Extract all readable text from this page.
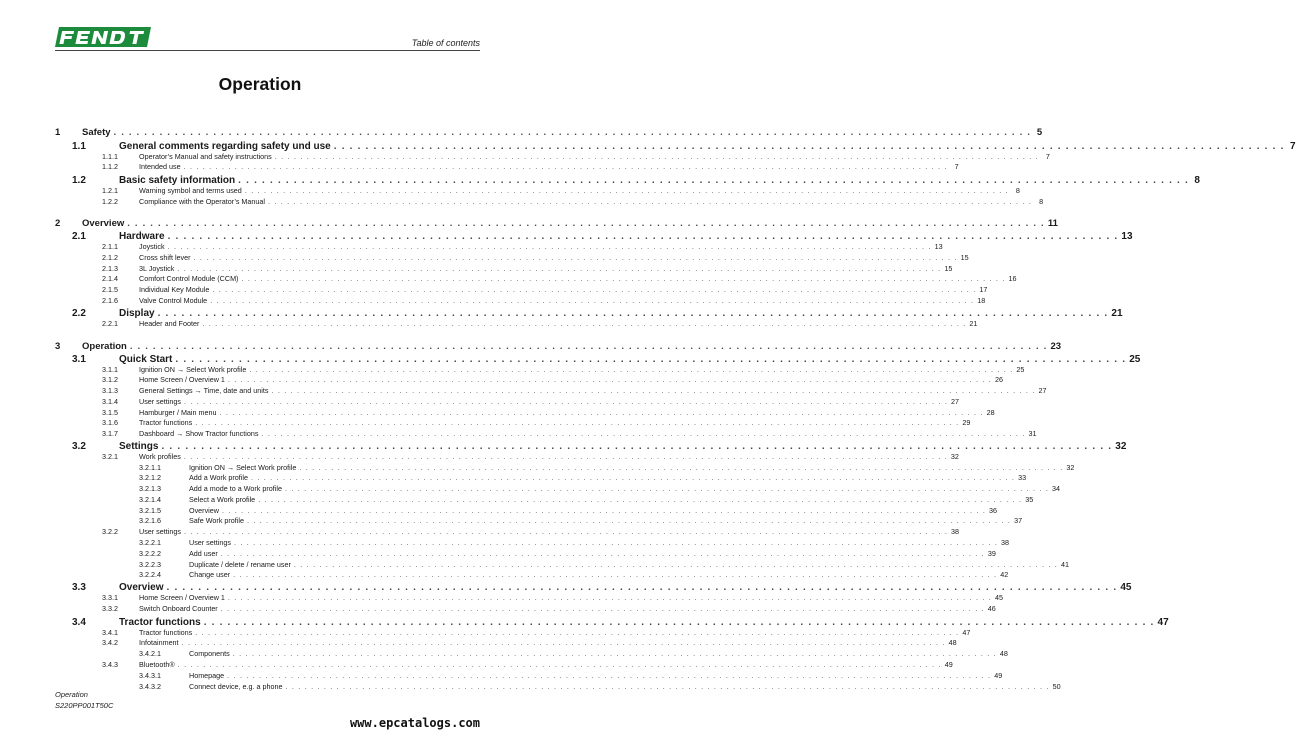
Table of contents
Operation
1	Safety . . . . . . . . . . . . . . . . . . . . . . . . . . . . . . . . . . . . . . . . . . . . . . . . . . . . . . . . . . . . . . . . . . . . . . . . . . . . . . . . . . . . . . . . . . . . . . . . . . . . . . . . . . . . . . . . . . . . . . . . 5
1.1	General comments regarding safety und use . . . . . . . . . . . . . . . . . . . . . . . . . . . . . . . . . . . . . . . . . . . . . . . . . . . . . . . . . . . . . . . . . . . . . . . . . . . . . . . . . . . . . . . . . . . . . . . . . . . . . . . . . . . . . . . . . . . . . . . . 7
1.1.1	Operator’s Manual and safety instructions . . . . . . . . . . . . . . . . . . . . . . . . . . . . . . . . . . . . . . . . . . . . . . . . . . . . . . . . . . . . . . . . . . . . . . . . . . . . . . . . . . . . . . . . . . . . . . . . . . . . . . . . . . . . . . . . . . . . . . . . 7
1.1.2	Intended use . . . . . . . . . . . . . . . . . . . . . . . . . . . . . . . . . . . . . . . . . . . . . . . . . . . . . . . . . . . . . . . . . . . . . . . . . . . . . . . . . . . . . . . . . . . . . . . . . . . . . . . . . . . . . . . . . . . . . . . . 7
1.2	Basic safety information . . . . . . . . . . . . . . . . . . . . . . . . . . . . . . . . . . . . . . . . . . . . . . . . . . . . . . . . . . . . . . . . . . . . . . . . . . . . . . . . . . . . . . . . . . . . . . . . . . . . . . . . . . . . . . . . . . . . . . . . 8
1.2.1	Warning symbol and terms used . . . . . . . . . . . . . . . . . . . . . . . . . . . . . . . . . . . . . . . . . . . . . . . . . . . . . . . . . . . . . . . . . . . . . . . . . . . . . . . . . . . . . . . . . . . . . . . . . . . . . . . . . . . . . . . . . . . . . . . . 8
1.2.2	Compliance with the Operator’s Manual . . . . . . . . . . . . . . . . . . . . . . . . . . . . . . . . . . . . . . . . . . . . . . . . . . . . . . . . . . . . . . . . . . . . . . . . . . . . . . . . . . . . . . . . . . . . . . . . . . . . . . . . . . . . . . . . . . . . . . . . 8
2	Overview . . . . . . . . . . . . . . . . . . . . . . . . . . . . . . . . . . . . . . . . . . . . . . . . . . . . . . . . . . . . . . . . . . . . . . . . . . . . . . . . . . . . . . . . . . . . . . . . . . . . . . . . . . . . . . . . . . . . . . . . 11
2.1	Hardware . . . . . . . . . . . . . . . . . . . . . . . . . . . . . . . . . . . . . . . . . . . . . . . . . . . . . . . . . . . . . . . . . . . . . . . . . . . . . . . . . . . . . . . . . . . . . . . . . . . . . . . . . . . . . . . . . . . . . . . . 13
2.1.1	Joystick . . . . . . . . . . . . . . . . . . . . . . . . . . . . . . . . . . . . . . . . . . . . . . . . . . . . . . . . . . . . . . . . . . . . . . . . . . . . . . . . . . . . . . . . . . . . . . . . . . . . . . . . . . . . . . . . . . . . . . . . 13
2.1.2	Cross shift lever . . . . . . . . . . . . . . . . . . . . . . . . . . . . . . . . . . . . . . . . . . . . . . . . . . . . . . . . . . . . . . . . . . . . . . . . . . . . . . . . . . . . . . . . . . . . . . . . . . . . . . . . . . . . . . . . . . . . . . . . 15
2.1.3	3L Joystick . . . . . . . . . . . . . . . . . . . . . . . . . . . . . . . . . . . . . . . . . . . . . . . . . . . . . . . . . . . . . . . . . . . . . . . . . . . . . . . . . . . . . . . . . . . . . . . . . . . . . . . . . . . . . . . . . . . . . . . . 15
2.1.4	Comfort Control Module (CCM) . . . . . . . . . . . . . . . . . . . . . . . . . . . . . . . . . . . . . . . . . . . . . . . . . . . . . . . . . . . . . . . . . . . . . . . . . . . . . . . . . . . . . . . . . . . . . . . . . . . . . . . . . . . . . . . . . . . . . . . . 16
2.1.5	Individual Key Module . . . . . . . . . . . . . . . . . . . . . . . . . . . . . . . . . . . . . . . . . . . . . . . . . . . . . . . . . . . . . . . . . . . . . . . . . . . . . . . . . . . . . . . . . . . . . . . . . . . . . . . . . . . . . . . . . . . . . . . . 17
2.1.6	Valve Control Module . . . . . . . . . . . . . . . . . . . . . . . . . . . . . . . . . . . . . . . . . . . . . . . . . . . . . . . . . . . . . . . . . . . . . . . . . . . . . . . . . . . . . . . . . . . . . . . . . . . . . . . . . . . . . . . . . . . . . . . . 18
2.2	Display . . . . . . . . . . . . . . . . . . . . . . . . . . . . . . . . . . . . . . . . . . . . . . . . . . . . . . . . . . . . . . . . . . . . . . . . . . . . . . . . . . . . . . . . . . . . . . . . . . . . . . . . . . . . . . . . . . . . . . . . 21
2.2.1	Header and Footer . . . . . . . . . . . . . . . . . . . . . . . . . . . . . . . . . . . . . . . . . . . . . . . . . . . . . . . . . . . . . . . . . . . . . . . . . . . . . . . . . . . . . . . . . . . . . . . . . . . . . . . . . . . . . . . . . . . . . . . . 21
3	Operation . . . . . . . . . . . . . . . . . . . . . . . . . . . . . . . . . . . . . . . . . . . . . . . . . . . . . . . . . . . . . . . . . . . . . . . . . . . . . . . . . . . . . . . . . . . . . . . . . . . . . . . . . . . . . . . . . . . . . . . . 23
3.1	Quick Start . . . . . . . . . . . . . . . . . . . . . . . . . . . . . . . . . . . . . . . . . . . . . . . . . . . . . . . . . . . . . . . . . . . . . . . . . . . . . . . . . . . . . . . . . . . . . . . . . . . . . . . . . . . . . . . . . . . . . . . . 25
3.1.1	Ignition ON → Select Work profile . . . . . . . . . . . . . . . . . . . . . . . . . . . . . . . . . . . . . . . . . . . . . . . . . . . . . . . . . . . . . . . . . . . . . . . . . . . . . . . . . . . . . . . . . . . . . . . . . . . . . . . . . . . . . . . . . . . . . . . . 25
3.1.2	Home Screen / Overview 1 . . . . . . . . . . . . . . . . . . . . . . . . . . . . . . . . . . . . . . . . . . . . . . . . . . . . . . . . . . . . . . . . . . . . . . . . . . . . . . . . . . . . . . . . . . . . . . . . . . . . . . . . . . . . . . . . . . . . . . . . 26
3.1.3	General Settings → Time, date and units . . . . . . . . . . . . . . . . . . . . . . . . . . . . . . . . . . . . . . . . . . . . . . . . . . . . . . . . . . . . . . . . . . . . . . . . . . . . . . . . . . . . . . . . . . . . . . . . . . . . . . . . . . . . . . . . . . . . . . . . 27
3.1.4	User settings . . . . . . . . . . . . . . . . . . . . . . . . . . . . . . . . . . . . . . . . . . . . . . . . . . . . . . . . . . . . . . . . . . . . . . . . . . . . . . . . . . . . . . . . . . . . . . . . . . . . . . . . . . . . . . . . . . . . . . . . 27
3.1.5	Hamburger / Main menu . . . . . . . . . . . . . . . . . . . . . . . . . . . . . . . . . . . . . . . . . . . . . . . . . . . . . . . . . . . . . . . . . . . . . . . . . . . . . . . . . . . . . . . . . . . . . . . . . . . . . . . . . . . . . . . . . . . . . . . . 28
3.1.6	Tractor functions . . . . . . . . . . . . . . . . . . . . . . . . . . . . . . . . . . . . . . . . . . . . . . . . . . . . . . . . . . . . . . . . . . . . . . . . . . . . . . . . . . . . . . . . . . . . . . . . . . . . . . . . . . . . . . . . . . . . . . . . 29
3.1.7	Dashboard → Show Tractor functions . . . . . . . . . . . . . . . . . . . . . . . . . . . . . . . . . . . . . . . . . . . . . . . . . . . . . . . . . . . . . . . . . . . . . . . . . . . . . . . . . . . . . . . . . . . . . . . . . . . . . . . . . . . . . . . . . . . . . . . . 31
3.2	Settings . . . . . . . . . . . . . . . . . . . . . . . . . . . . . . . . . . . . . . . . . . . . . . . . . . . . . . . . . . . . . . . . . . . . . . . . . . . . . . . . . . . . . . . . . . . . . . . . . . . . . . . . . . . . . . . . . . . . . . . . 32
3.2.1	Work profiles . . . . . . . . . . . . . . . . . . . . . . . . . . . . . . . . . . . . . . . . . . . . . . . . . . . . . . . . . . . . . . . . . . . . . . . . . . . . . . . . . . . . . . . . . . . . . . . . . . . . . . . . . . . . . . . . . . . . . . . . 32
3.2.1.1	Ignition ON → Select Work profile . . . . . . . . . . . . . . . . . . . . . . . . . . . . . . . . . . . . . . . . . . . . . . . . . . . . . . . . . . . . . . . . . . . . . . . . . . . . . . . . . . . . . . . . . . . . . . . . . . . . . . . . . . . . . . . . . . . . . . . . 32
3.2.1.2	Add a Work profile . . . . . . . . . . . . . . . . . . . . . . . . . . . . . . . . . . . . . . . . . . . . . . . . . . . . . . . . . . . . . . . . . . . . . . . . . . . . . . . . . . . . . . . . . . . . . . . . . . . . . . . . . . . . . . . . . . . . . . . . 33
3.2.1.3	Add a mode to a Work profile . . . . . . . . . . . . . . . . . . . . . . . . . . . . . . . . . . . . . . . . . . . . . . . . . . . . . . . . . . . . . . . . . . . . . . . . . . . . . . . . . . . . . . . . . . . . . . . . . . . . . . . . . . . . . . . . . . . . . . . . 34
3.2.1.4	Select a Work profile . . . . . . . . . . . . . . . . . . . . . . . . . . . . . . . . . . . . . . . . . . . . . . . . . . . . . . . . . . . . . . . . . . . . . . . . . . . . . . . . . . . . . . . . . . . . . . . . . . . . . . . . . . . . . . . . . . . . . . . . 35
3.2.1.5	Overview . . . . . . . . . . . . . . . . . . . . . . . . . . . . . . . . . . . . . . . . . . . . . . . . . . . . . . . . . . . . . . . . . . . . . . . . . . . . . . . . . . . . . . . . . . . . . . . . . . . . . . . . . . . . . . . . . . . . . . . . 36
3.2.1.6	Safe Work profile . . . . . . . . . . . . . . . . . . . . . . . . . . . . . . . . . . . . . . . . . . . . . . . . . . . . . . . . . . . . . . . . . . . . . . . . . . . . . . . . . . . . . . . . . . . . . . . . . . . . . . . . . . . . . . . . . . . . . . . . 37
3.2.2	User settings . . . . . . . . . . . . . . . . . . . . . . . . . . . . . . . . . . . . . . . . . . . . . . . . . . . . . . . . . . . . . . . . . . . . . . . . . . . . . . . . . . . . . . . . . . . . . . . . . . . . . . . . . . . . . . . . . . . . . . . . 38
3.2.2.1	User settings . . . . . . . . . . . . . . . . . . . . . . . . . . . . . . . . . . . . . . . . . . . . . . . . . . . . . . . . . . . . . . . . . . . . . . . . . . . . . . . . . . . . . . . . . . . . . . . . . . . . . . . . . . . . . . . . . . . . . . . . 38
3.2.2.2	Add user . . . . . . . . . . . . . . . . . . . . . . . . . . . . . . . . . . . . . . . . . . . . . . . . . . . . . . . . . . . . . . . . . . . . . . . . . . . . . . . . . . . . . . . . . . . . . . . . . . . . . . . . . . . . . . . . . . . . . . . . 39
3.2.2.3	Duplicate / delete / rename user . . . . . . . . . . . . . . . . . . . . . . . . . . . . . . . . . . . . . . . . . . . . . . . . . . . . . . . . . . . . . . . . . . . . . . . . . . . . . . . . . . . . . . . . . . . . . . . . . . . . . . . . . . . . . . . . . . . . . . . . 41
3.2.2.4	Change user . . . . . . . . . . . . . . . . . . . . . . . . . . . . . . . . . . . . . . . . . . . . . . . . . . . . . . . . . . . . . . . . . . . . . . . . . . . . . . . . . . . . . . . . . . . . . . . . . . . . . . . . . . . . . . . . . . . . . . . . 42
3.3	Overview . . . . . . . . . . . . . . . . . . . . . . . . . . . . . . . . . . . . . . . . . . . . . . . . . . . . . . . . . . . . . . . . . . . . . . . . . . . . . . . . . . . . . . . . . . . . . . . . . . . . . . . . . . . . . . . . . . . . . . . . 45
3.3.1	Home Screen / Overview 1 . . . . . . . . . . . . . . . . . . . . . . . . . . . . . . . . . . . . . . . . . . . . . . . . . . . . . . . . . . . . . . . . . . . . . . . . . . . . . . . . . . . . . . . . . . . . . . . . . . . . . . . . . . . . . . . . . . . . . . . . 45
3.3.2	Switch Onboard Counter . . . . . . . . . . . . . . . . . . . . . . . . . . . . . . . . . . . . . . . . . . . . . . . . . . . . . . . . . . . . . . . . . . . . . . . . . . . . . . . . . . . . . . . . . . . . . . . . . . . . . . . . . . . . . . . . . . . . . . . . 46
3.4	Tractor functions . . . . . . . . . . . . . . . . . . . . . . . . . . . . . . . . . . . . . . . . . . . . . . . . . . . . . . . . . . . . . . . . . . . . . . . . . . . . . . . . . . . . . . . . . . . . . . . . . . . . . . . . . . . . . . . . . . . . . . . . 47
3.4.1	Tractor functions . . . . . . . . . . . . . . . . . . . . . . . . . . . . . . . . . . . . . . . . . . . . . . . . . . . . . . . . . . . . . . . . . . . . . . . . . . . . . . . . . . . . . . . . . . . . . . . . . . . . . . . . . . . . . . . . . . . . . . . . 47
3.4.2	Infotainment . . . . . . . . . . . . . . . . . . . . . . . . . . . . . . . . . . . . . . . . . . . . . . . . . . . . . . . . . . . . . . . . . . . . . . . . . . . . . . . . . . . . . . . . . . . . . . . . . . . . . . . . . . . . . . . . . . . . . . . . 48
3.4.2.1	Components . . . . . . . . . . . . . . . . . . . . . . . . . . . . . . . . . . . . . . . . . . . . . . . . . . . . . . . . . . . . . . . . . . . . . . . . . . . . . . . . . . . . . . . . . . . . . . . . . . . . . . . . . . . . . . . . . . . . . . . . 48
3.4.3	Bluetooth® . . . . . . . . . . . . . . . . . . . . . . . . . . . . . . . . . . . . . . . . . . . . . . . . . . . . . . . . . . . . . . . . . . . . . . . . . . . . . . . . . . . . . . . . . . . . . . . . . . . . . . . . . . . . . . . . . . . . . . . . 49
3.4.3.1	Homepage . . . . . . . . . . . . . . . . . . . . . . . . . . . . . . . . . . . . . . . . . . . . . . . . . . . . . . . . . . . . . . . . . . . . . . . . . . . . . . . . . . . . . . . . . . . . . . . . . . . . . . . . . . . . . . . . . . . . . . . . 49
3.4.3.2	Connect device, e.g. a phone . . . . . . . . . . . . . . . . . . . . . . . . . . . . . . . . . . . . . . . . . . . . . . . . . . . . . . . . . . . . . . . . . . . . . . . . . . . . . . . . . . . . . . . . . . . . . . . . . . . . . . . . . . . . . . . . . . . . . . . . 50
Operation
S220PP001T50C
www.epcatalogs.com
